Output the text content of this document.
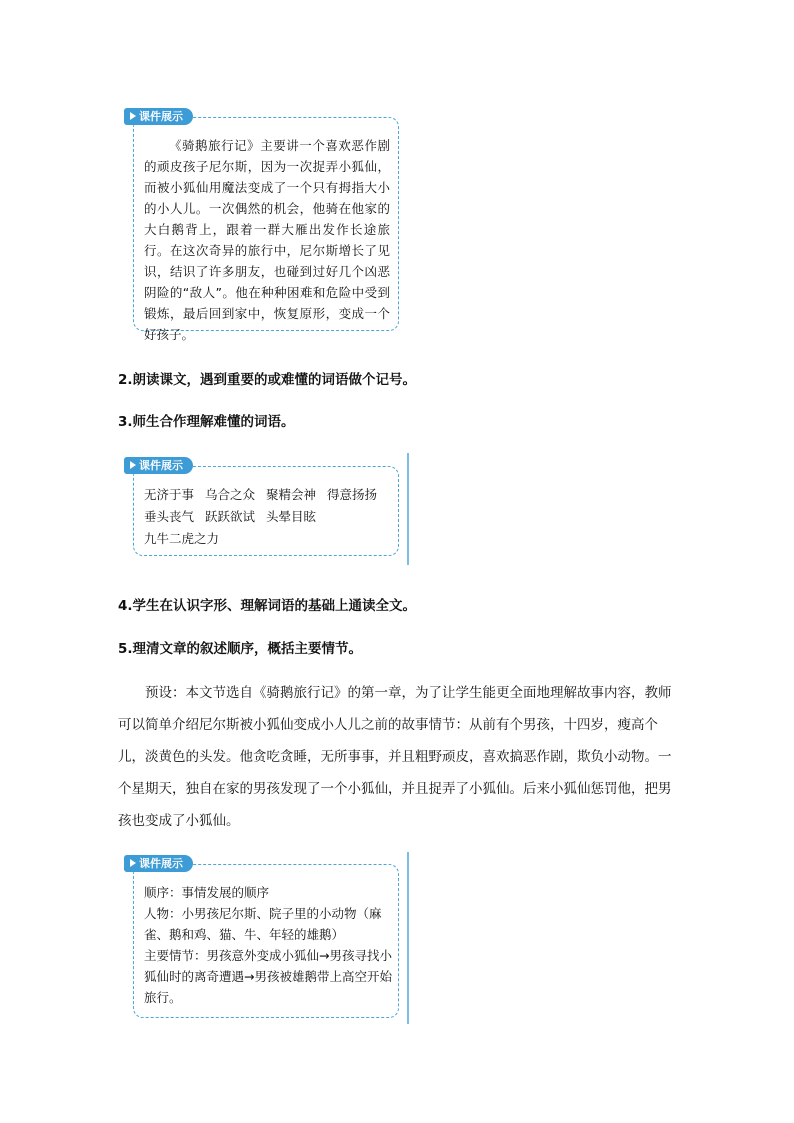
课件展示

《骑鹅旅行记》主要讲一个喜欢恶作剧的顽皮孩子尼尔斯，因为一次捉弄小狐仙，而被小狐仙用魔法变成了一个只有拇指大小的小人儿。一次偶然的机会，他骑在他家的大白鹅背上，跟着一群大雁出发作长途旅行。在这次奇异的旅行中，尼尔斯增长了见识，结识了许多朋友，也碰到过好几个凶恶阴险的“敌人”。他在种种困难和危险中受到锻炼，最后回到家中，恢复原形，变成一个好孩子。

2.朗读课文，遇到重要的或难懂的词语做个记号。
3.师生合作理解难懂的词语。
课件展示
无济于事 乌合之众 聚精会神 得意扬扬
垂头丧气 跃跃欲试 头晕目眩
九牛二虎之力
4.学生在认识字形、理解词语的基础上通读全文。
5.理清文章的叙述顺序，概括主要情节。

预设：本文节选自《骑鹅旅行记》的第一章，为了让学生能更全面地理解故事内容，教师可以简单介绍尼尔斯被小狐仙变成小人儿之前的故事情节：从前有个男孩，十四岁，瘦高个儿，淡黄色的头发。他贪吃贪睡，无所事事，并且粗野顽皮，喜欢搞恶作剧，欺负小动物。一个星期天，独自在家的男孩发现了一个小狐仙，并且捉弄了小狐仙。后来小狐仙惩罚他，把男孩也变成了小狐仙。

课件展示

顺序：事情发展的顺序

人物：小男孩尼尔斯、院子里的小动物（麻雀、鹅和鸡、猫、牛、年轻的雄鹅）

主要情节：男孩意外变成小狐仙→男孩寻找小狐仙时的离奇遭遇→男孩被雄鹅带上高空开始旅行。
